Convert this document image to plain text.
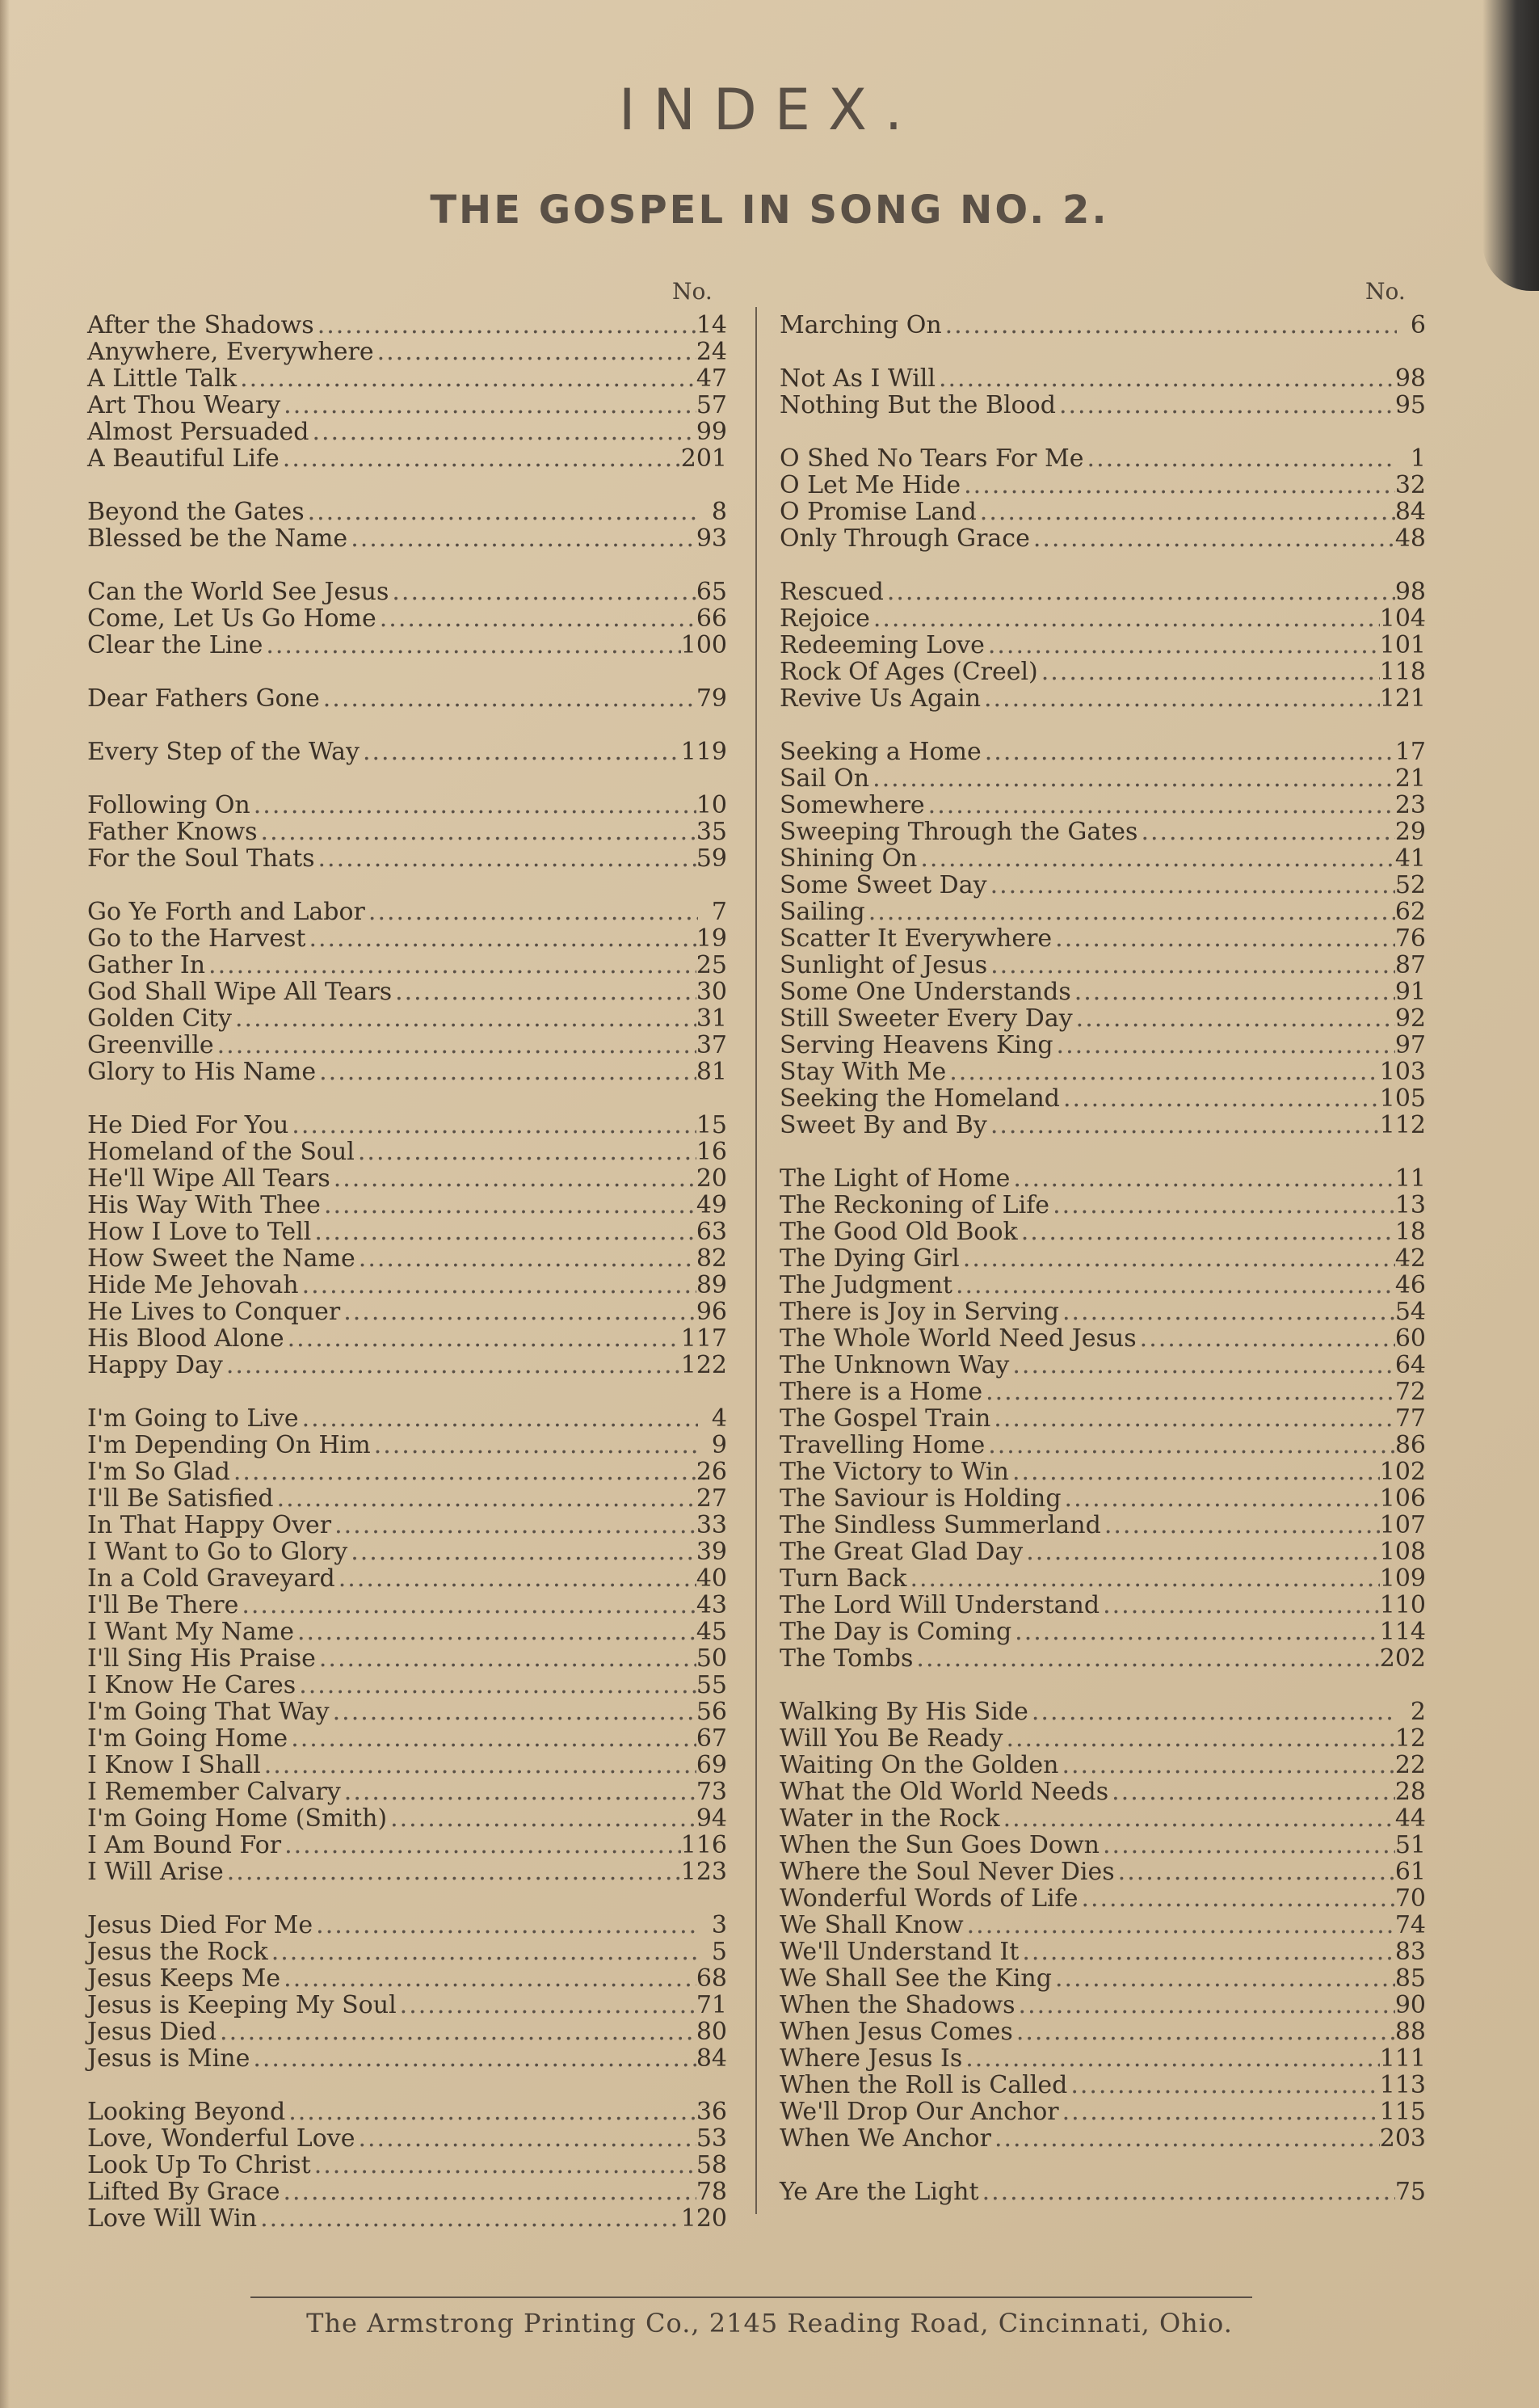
INDEX.
THE GOSPEL IN SONG NO. 2.
No.	No.
After the Shadows .....	14
Anywhere, Everywhere .....	24
A Little Talk .....	47
Art Thou Weary .....	57
Almost Persuaded .....	99
A Beautiful Life .....	201
Beyond the Gates .....	8
Blessed be the Name .....	93
Can the World See Jesus .....	65
Come, Let Us Go Home .....	66
Clear the Line .....	100
Dear Fathers Gone .....	79
Every Step of the Way .....	119
Following On .....	10
Father Knows .....	35
For the Soul Thats .....	59
Go Ye Forth and Labor .....	7
Go to the Harvest .....	19
Gather In .....	25
God Shall Wipe All Tears .....	30
Golden City .....	31
Greenville .....	37
Glory to His Name .....	81
He Died For You .....	15
Homeland of the Soul .....	16
He'll Wipe All Tears .....	20
His Way With Thee .....	49
How I Love to Tell .....	63
How Sweet the Name .....	82
Hide Me Jehovah .....	89
He Lives to Conquer .....	96
His Blood Alone .....	117
Happy Day .....	122
I'm Going to Live .....	4
I'm Depending On Him .....	9
I'm So Glad .....	26
I'll Be Satisfied .....	27
In That Happy Over .....	33
I Want to Go to Glory .....	39
In a Cold Graveyard .....	40
I'll Be There .....	43
I Want My Name .....	45
I'll Sing His Praise .....	50
I Know He Cares .....	55
I'm Going That Way .....	56
I'm Going Home .....	67
I Know I Shall .....	69
I Remember Calvary .....	73
I'm Going Home (Smith) .....	94
I Am Bound For .....	116
I Will Arise .....	123
Jesus Died For Me .....	3
Jesus the Rock .....	5
Jesus Keeps Me .....	68
Jesus is Keeping My Soul .....	71
Jesus Died .....	80
Jesus is Mine .....	84
Looking Beyond .....	36
Love, Wonderful Love .....	53
Look Up To Christ .....	58
Lifted By Grace .....	78
Love Will Win .....	120
Marching On .....	6
Not As I Will .....	98
Nothing But the Blood .....	95
O Shed No Tears For Me .....	1
O Let Me Hide .....	32
O Promise Land .....	84
Only Through Grace .....	48
Rescued .....	98
Rejoice .....	104
Redeeming Love .....	101
Rock Of Ages (Creel) .....	118
Revive Us Again .....	121
Seeking a Home .....	17
Sail On .....	21
Somewhere .....	23
Sweeping Through the Gates .....	29
Shining On .....	41
Some Sweet Day .....	52
Sailing .....	62
Scatter It Everywhere .....	76
Sunlight of Jesus .....	87
Some One Understands .....	91
Still Sweeter Every Day .....	92
Serving Heavens King .....	97
Stay With Me .....	103
Seeking the Homeland .....	105
Sweet By and By .....	112
The Light of Home .....	11
The Reckoning of Life .....	13
The Good Old Book .....	18
The Dying Girl .....	42
The Judgment .....	46
There is Joy in Serving .....	54
The Whole World Need Jesus .....	60
The Unknown Way .....	64
There is a Home .....	72
The Gospel Train .....	77
Travelling Home .....	86
The Victory to Win .....	102
The Saviour is Holding .....	106
The Sindless Summerland .....	107
The Great Glad Day .....	108
Turn Back .....	109
The Lord Will Understand .....	110
The Day is Coming .....	114
The Tombs .....	202
Walking By His Side .....	2
Will You Be Ready .....	12
Waiting On the Golden .....	22
What the Old World Needs .....	28
Water in the Rock .....	44
When the Sun Goes Down .....	51
Where the Soul Never Dies .....	61
Wonderful Words of Life .....	70
We Shall Know .....	74
We'll Understand It .....	83
We Shall See the King .....	85
When the Shadows .....	90
When Jesus Comes .....	88
Where Jesus Is .....	111
When the Roll is Called .....	113
We'll Drop Our Anchor .....	115
When We Anchor .....	203
Ye Are the Light .....	75
The Armstrong Printing Co., 2145 Reading Road, Cincinnati, Ohio.
